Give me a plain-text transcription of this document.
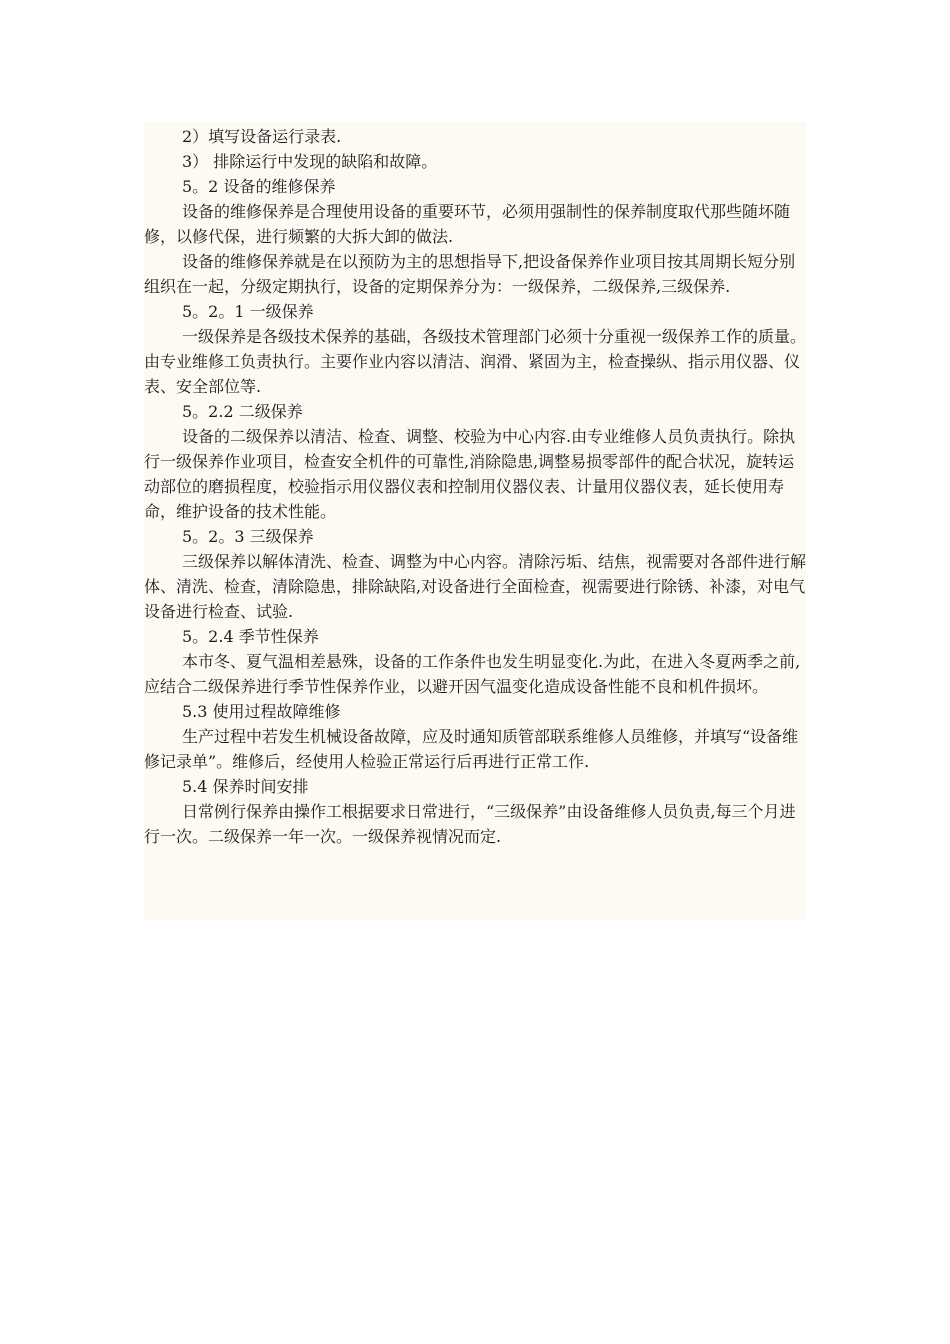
2）填写设备运行录表.

3） 排除运行中发现的缺陷和故障。

5。2 设备的维修保养

设备的维修保养是合理使用设备的重要环节，必须用强制性的保养制度取代那些随坏随修，以修代保，进行频繁的大拆大卸的做法.

设备的维修保养就是在以预防为主的思想指导下,把设备保养作业项目按其周期长短分别组织在一起，分级定期执行，设备的定期保养分为：一级保养，二级保养,三级保养.

5。2。1 一级保养

一级保养是各级技术保养的基础，各级技术管理部门必须十分重视一级保养工作的质量。由专业维修工负责执行。主要作业内容以清洁、润滑、紧固为主，检查操纵、指示用仪器、仪表、安全部位等.

5。2.2 二级保养

设备的二级保养以清洁、检查、调整、校验为中心内容.由专业维修人员负责执行。除执行一级保养作业项目，检查安全机件的可靠性,消除隐患,调整易损零部件的配合状况，旋转运动部位的磨损程度，校验指示用仪器仪表和控制用仪器仪表、计量用仪器仪表，延长使用寿命，维护设备的技术性能。

5。2。3 三级保养

三级保养以解体清洗、检查、调整为中心内容。清除污垢、结焦，视需要对各部件进行解体、清洗、检查，清除隐患，排除缺陷,对设备进行全面检查，视需要进行除锈、补漆，对电气设备进行检查、试验.

5。2.4 季节性保养

本市冬、夏气温相差悬殊，设备的工作条件也发生明显变化.为此，在进入冬夏两季之前,应结合二级保养进行季节性保养作业，以避开因气温变化造成设备性能不良和机件损坏。

5.3 使用过程故障维修

生产过程中若发生机械设备故障，应及时通知质管部联系维修人员维修，并填写“设备维修记录单”。维修后，经使用人检验正常运行后再进行正常工作.

5.4 保养时间安排

日常例行保养由操作工根据要求日常进行，“三级保养”由设备维修人员负责,每三个月进行一次。二级保养一年一次。一级保养视情况而定.
